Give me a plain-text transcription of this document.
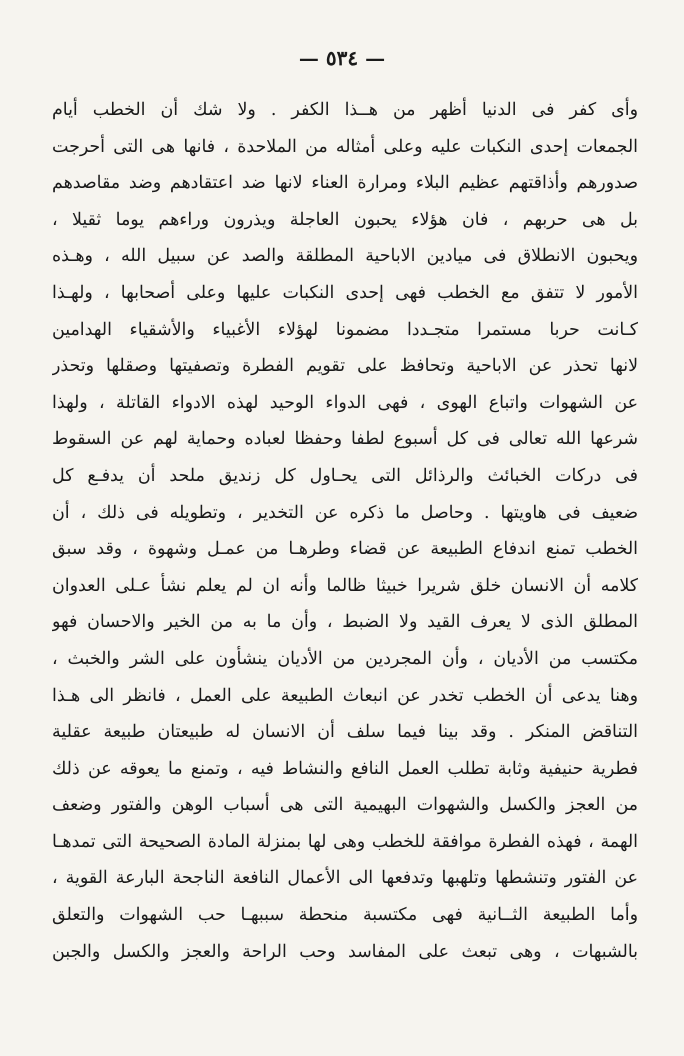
— ٥٣٤ —
وأى كفر فى الدنيا أظهر من هــذا الكفر . ولا شك أن الخطب أيام
الجمعات إحدى النكبات عليه وعلى أمثاله من الملاحدة ، فانها هى التى أحرجت
صدورهم وأذاقتهم عظيم البلاء ومرارة العناء لانها ضد اعتقادهم وضد مقاصدهم
بل هى حربهم ، فان هؤلاء يحبون العاجلة ويذرون وراءهم يوما ثقيلا ،
ويحبون الانطلاق فى ميادين الاباحية المطلقة والصد عن سبيل الله ، وهـذه
الأمور لا تتفق مع الخطب فهى إحدى النكبات عليها وعلى أصحابها ، ولهـذا
كـانت حربا مستمرا متجـددا مضمونا لهؤلاء الأغبياء والأشقياء الهدامين
لانها تحذر عن الاباحية وتحافظ على تقويم الفطرة وتصفيتها وصقلها وتحذر
عن الشهوات واتباع الهوى ، فهى الدواء الوحيد لهذه الادواء القاتلة ، ولهذا
شرعها الله تعالى فى كل أسبوع لطفا وحفظا لعباده وحماية لهم عن السقوط
فى دركات الخبائث والرذائل التى يحـاول كل زنديق ملحد أن يدفـع كل
ضعيف فى هاويتها . وحاصل ما ذكره عن التخدير ، وتطويله فى ذلك ، أن
الخطب تمنع اندفاع الطبيعة عن قضاء وطرهـا من عمـل وشهوة ، وقد سبق
كلامه أن الانسان خلق شريرا خبيثا ظالما وأنه ان لم يعلم نشأ عـلى العدوان
المطلق الذى لا يعرف القيد ولا الضبط ، وأن ما به من الخير والاحسان فهو
مكتسب من الأديان ، وأن المجردين من الأديان ينشأون على الشر والخبث ،
وهنا يدعى أن الخطب تخدر عن انبعاث الطبيعة على العمل ، فانظر الى هـذا
التناقض المنكر . وقد بينا فيما سلف أن الانسان له طبيعتان طبيعة عقلية
فطرية حنيفية وثابة تطلب العمل النافع والنشاط فيه ، وتمنع ما يعوقه عن ذلك
من العجز والكسل والشهوات البهيمية التى هى أسباب الوهن والفتور وضعف
الهمة ، فهذه الفطرة موافقة للخطب وهى لها بمنزلة المادة الصحيحة التى تمدهـا
عن الفتور وتنشطها وتلهبها وتدفعها الى الأعمال النافعة الناجحة البارعة القوية ،
وأما الطبيعة الثــانية فهى مكتسبة منحطة سببهـا حب الشهوات والتعلق
بالشبهات ، وهى تبعث على المفاسد وحب الراحة والعجز والكسل والجبن
